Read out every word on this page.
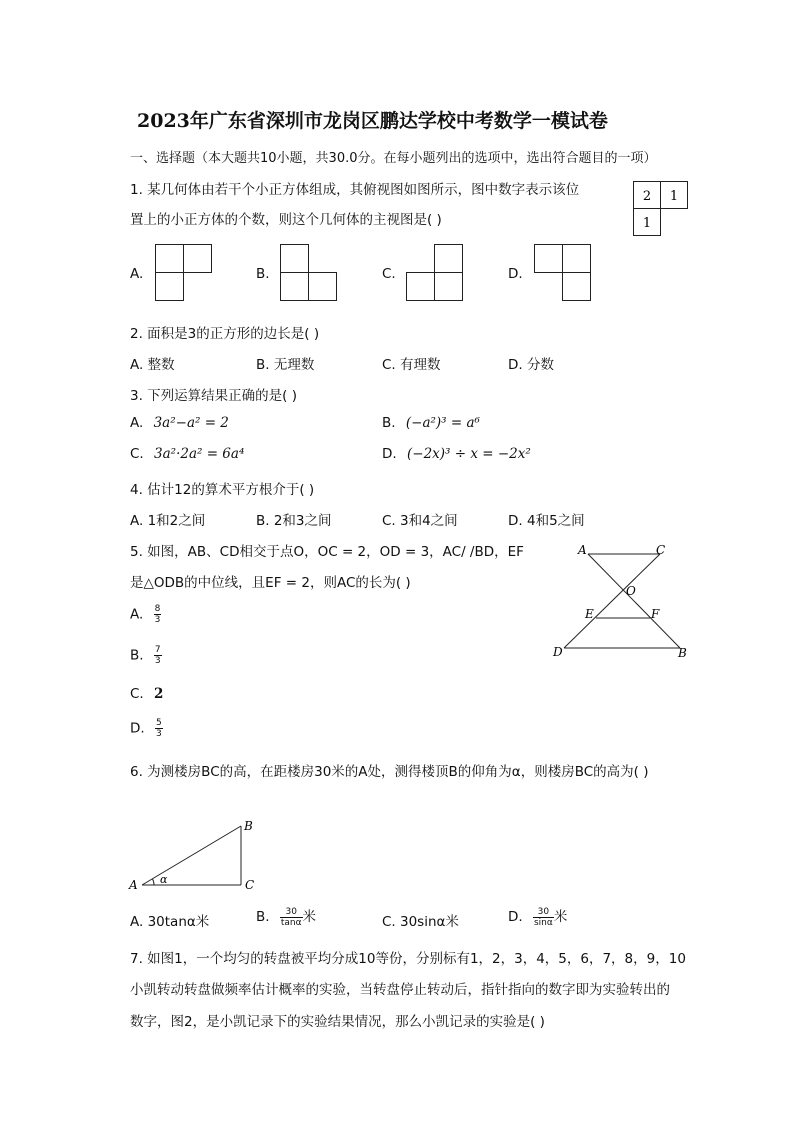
2023年广东省深圳市龙岗区鹏达学校中考数学一模试卷
一、选择题（本大题共10小题，共30.0分。在每小题列出的选项中，选出符合题目的一项）
1. 某几何体由若干个小正方体组成，其俯视图如图所示，图中数字表示该位
置上的小正方体的个数，则这个几何体的主视图是( )
2 1
1
A.	B.	C.	D.
2. 面积是3的正方形的边长是( )
A. 整数	B. 无理数	C. 有理数	D. 分数
3. 下列运算结果正确的是( )
A. 3a²−a² = 2	B. (−a²)³ = a⁶
C. 3a²·2a² = 6a⁴	D. (−2x)³ ÷ x = −2x²
4. 估计12的算术平方根介于( )
A. 1和2之间	B. 2和3之间	C. 3和4之间	D. 4和5之间
5. 如图，AB、CD相交于点O，OC = 2，OD = 3，AC/ /BD，EF
是△ODB的中位线，且EF = 2，则AC的长为( )
A. $\frac{8}{3}$
B. $\frac{7}{3}$
C. 2
D. $\frac{5}{3}$
A	C
O
E	F
D	B
6. 为测楼房BC的高，在距楼房30米的A处，测得楼顶B的仰角为α，则楼房BC的高为( )
B
A	C
α
A. 30tanα米	B. $\frac{30}{\tan\alpha}$ 米	C. 30sinα米	D. $\frac{30}{\sin\alpha}$ 米
7. 如图1，一个均匀的转盘被平均分成10等份，分别标有1，2，3，4，5，6，7，8，9，10
小凯转动转盘做频率估计概率的实验，当转盘停止转动后，指针指向的数字即为实验转出的
数字，图2，是小凯记录下的实验结果情况，那么小凯记录的实验是( )
